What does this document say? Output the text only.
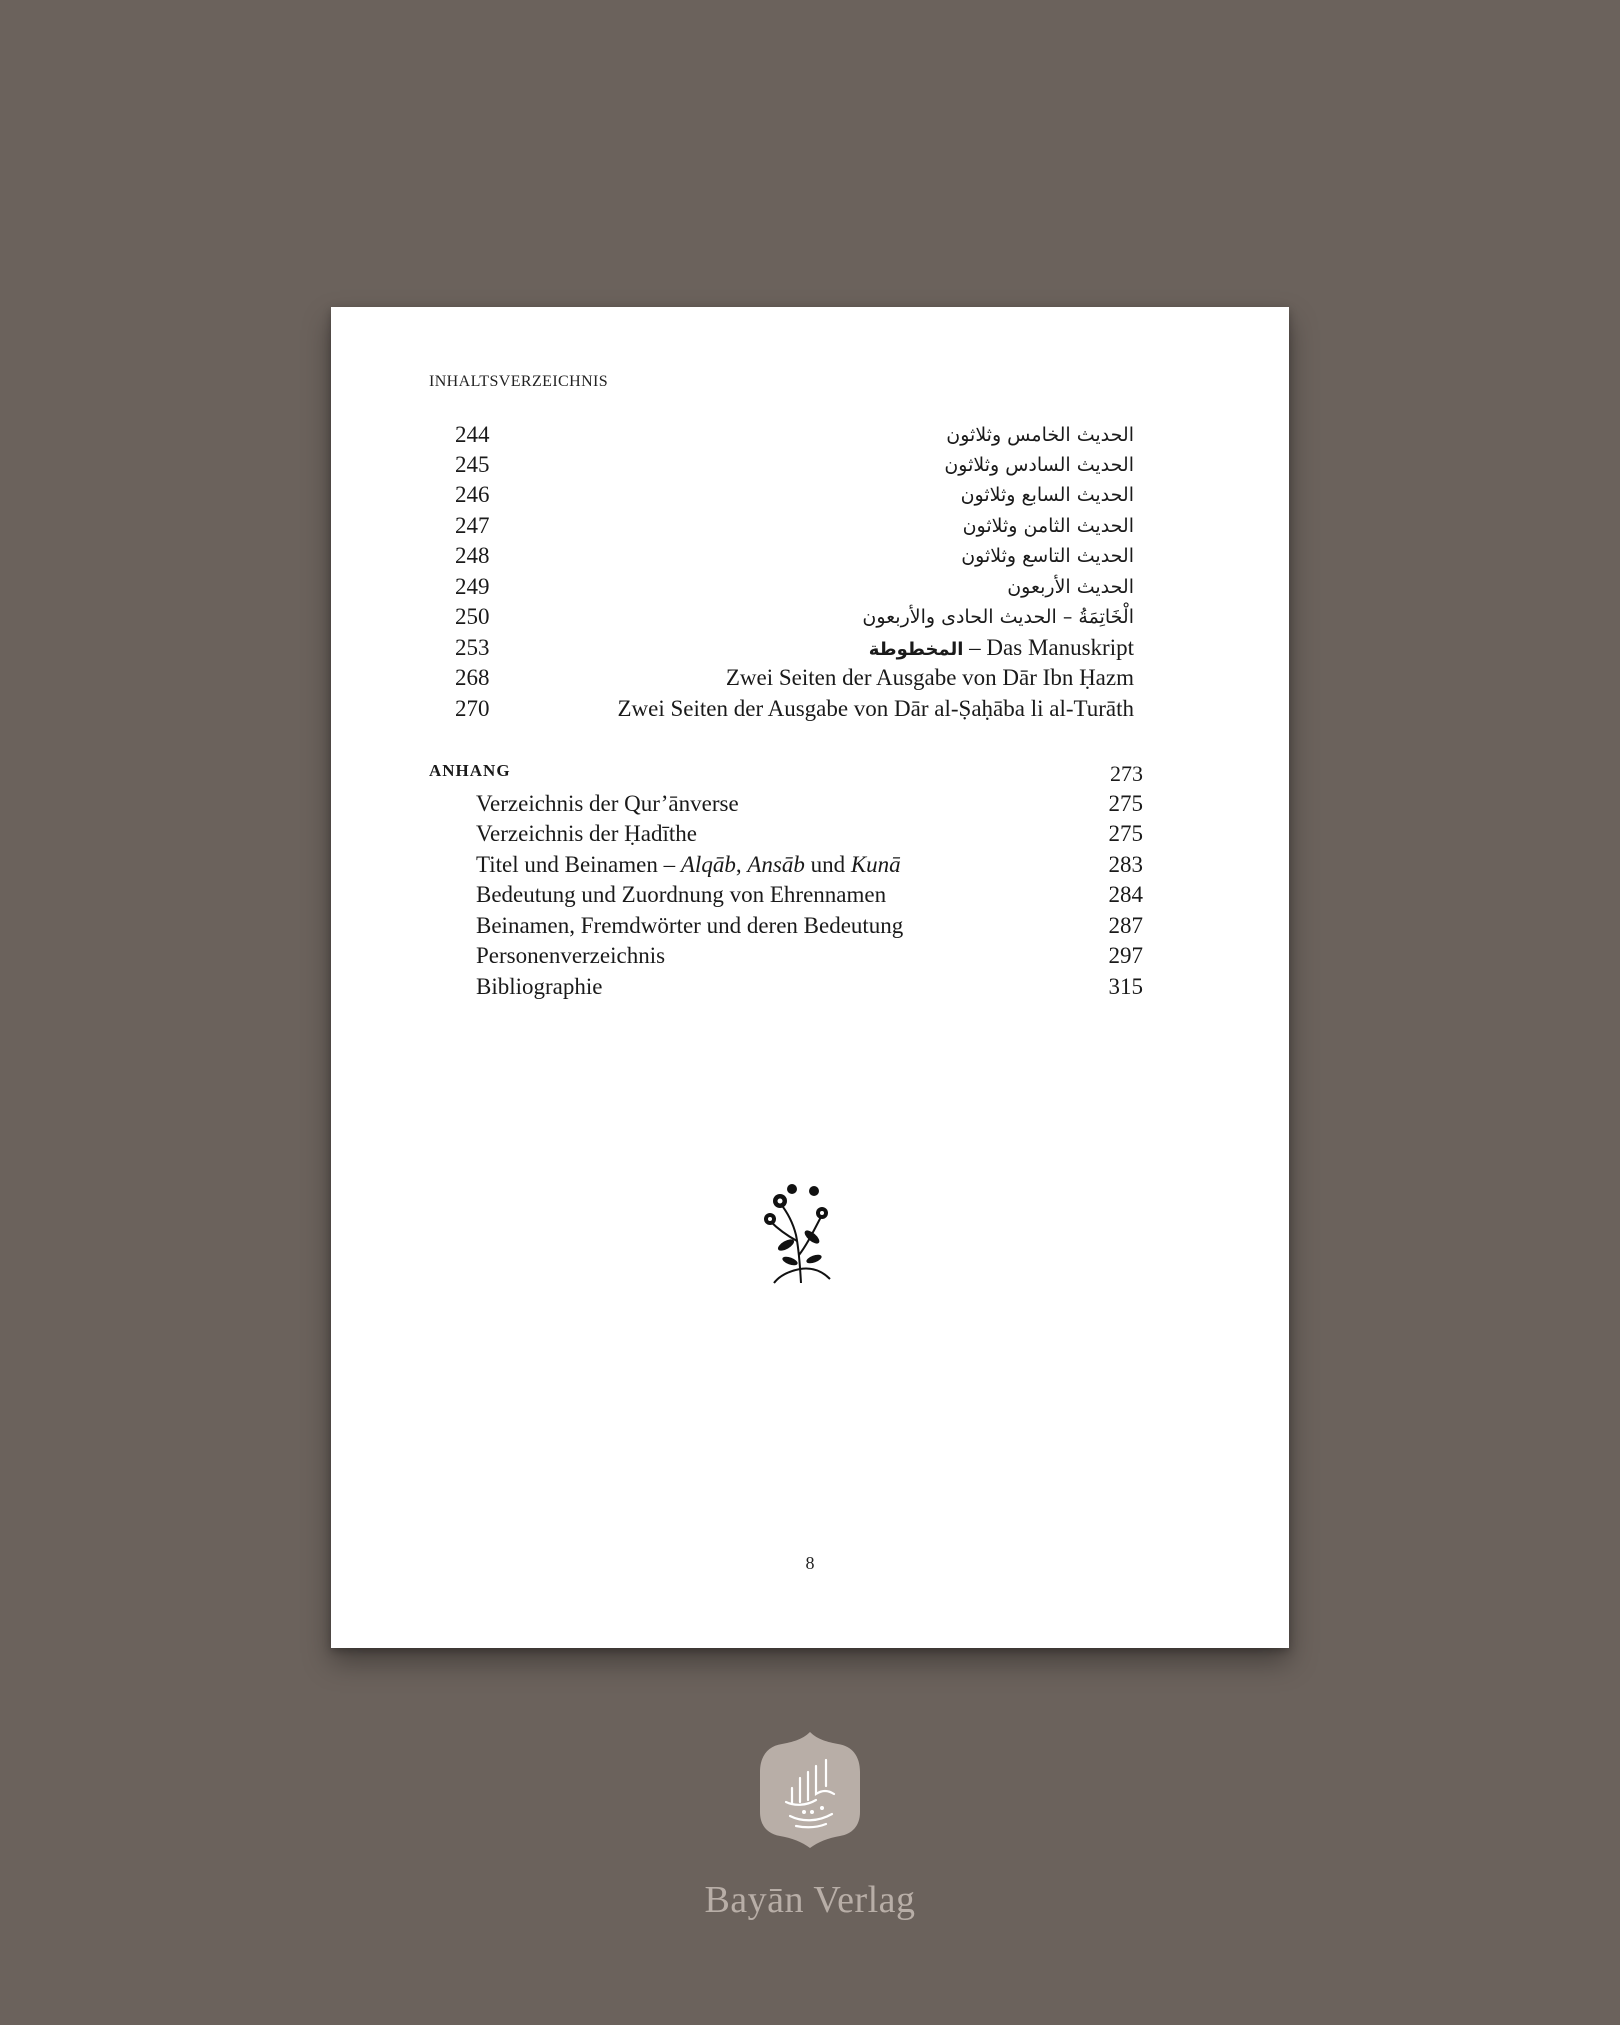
INHALTSVERZEICHNIS
244	الحديث الخامس وثلاثون
245	الحديث السادس وثلاثون
246	الحديث السابع وثلاثون
247	الحديث الثامن وثلاثون
248	الحديث التاسع وثلاثون
249	الحديث الأربعون
250	الْخَاتِمَةُ – الحديث الحادى والأربعون
253	المخطوطة – Das Manuskript
268	Zwei Seiten der Ausgabe von Dār Ibn Ḥazm
270	Zwei Seiten der Ausgabe von Dār al-Ṣaḥāba li al-Turāth
ANHANG	273
Verzeichnis der Qur’ānverse	275
Verzeichnis der Ḥadīthe	275
Titel und Beinamen – Alqāb, Ansāb und Kunā	283
Bedeutung und Zuordnung von Ehrennamen	284
Beinamen, Fremdwörter und deren Bedeutung	287
Personenverzeichnis	297
Bibliographie	315
8
Bayān Verlag
